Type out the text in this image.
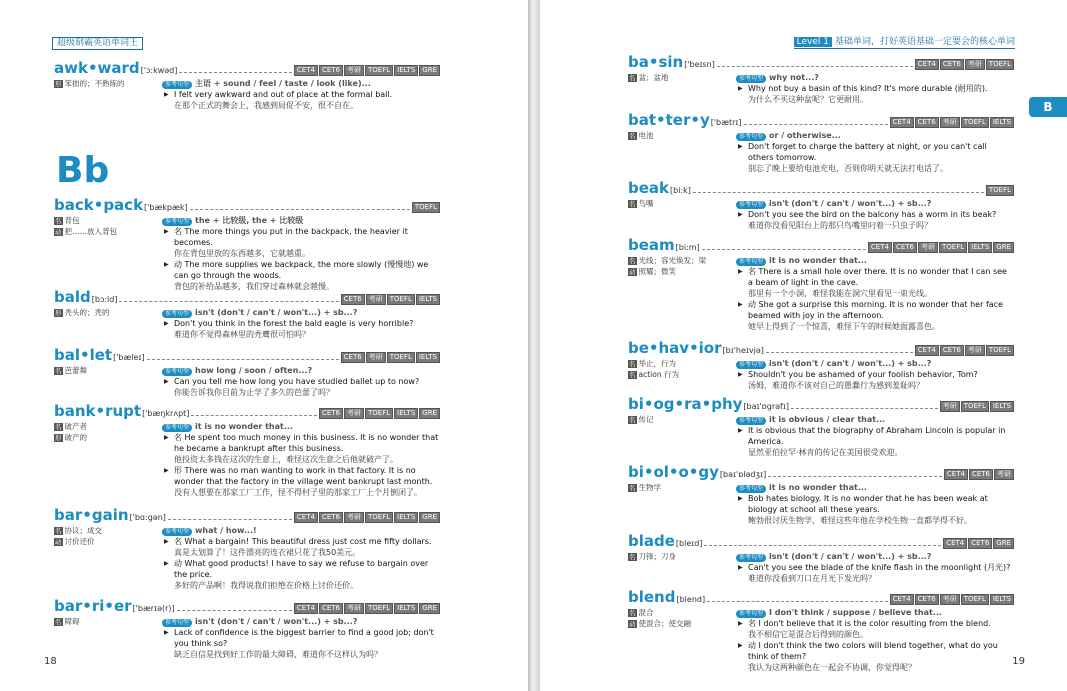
超级制霸英语单词王
Bb
awk•ward ['ɔ:kwəd]	CET4	CET6	考研	TOEFL	IELTS	GRE
形 笨拙的；不熟练的	参考句型 主语 + sound / feel / taste / look (like)...
▶ I felt very awkward and out of place at the formal ball.
在那个正式的舞会上，我感到局促不安，很不自在。
back•pack ['bækpæk]	TOEFL
名 背包
动 把……放入背包
参考句型 the + 比较级, the + 比较级
▶ 名 The more things you put in the backpack, the heavier it becomes.
你在背包里放的东西越多，它就越重。
▶ 动 The more supplies we backpack, the more slowly (慢慢地) we can go through the woods.
背包的补给品越多，我们穿过森林就会越慢。
bald [bɔ:ld]	CET6	考研	TOEFL	IELTS
形 秃头的；秃的	参考句型 isn't (don't / can't / won't...) + sb...?
▶ Don't you think in the forest the bald eagle is very horrible?
难道你不觉得森林里的秃鹰很可怕吗？
bal•let ['bæleɪ]	CET6	考研	TOEFL	IELTS
名 芭蕾舞	参考句型 how long / soon / often...?
▶ Can you tell me how long you have studied ballet up to now?
你能告诉我你目前为止学了多久的芭蕾了吗？
bank•rupt ['bæŋkrʌpt]	CET6	考研	TOEFL	IELTS	GRE
名 破产者
形 破产的
参考句型 it is no wonder that...
▶ 名 He spent too much money in this business. It is no wonder that he became a bankrupt after this business.
他投资太多钱在这次的生意上，难怪这次生意之后他就破产了。
▶ 形 There was no man wanting to work in that factory. It is no wonder that the factory in the village went bankrupt last month.
没有人想要在那家工厂工作，怪不得村子里的那家工厂上个月倒闭了。
bar•gain ['bɑ:gən]	CET4	CET6	考研	TOEFL	IELTS	GRE
名 协议；成交
动 讨价还价
参考句型 what / how...!
▶ 名 What a bargain! This beautiful dress just cost me fifty dollars.
真是太划算了！这件漂亮的连衣裙只花了我50美元。
▶ 动 What good products! I have to say we refuse to bargain over the price.
多好的产品啊！我得说我们拒绝在价格上讨价还价。
bar•ri•er ['bærɪə(r)]	CET4	CET6	考研	TOEFL	IELTS	GRE
名 障碍	参考句型 isn't (don't / can't / won't...) + sb...?
▶ Lack of confidence is the biggest barrier to find a good job; don't you think so?
缺乏自信是找到好工作的最大障碍，难道你不这样认为吗？
18
Level 1 基础单词，打好英语基础一定要会的核心单词
B
ba•sin ['beɪsn]	CET4	CET6	考研	TOEFL
名 盆；盆地	参考句型 why not...?
▶ Why not buy a basin of this kind? It's more durable (耐用的).
为什么不买这种盆呢？它更耐用。
bat•ter•y ['bætrɪ]	CET4	CET6	考研	TOEFL	IELTS
名 电池	参考句型 or / otherwise...
▶ Don't forget to charge the battery at night, or you can't call others tomorrow.
别忘了晚上要给电池充电，否则你明天就无法打电话了。
beak [bi:k]	TOEFL
名 鸟嘴	参考句型 isn't (don't / can't / won't...) + sb...?
▶ Don't you see the bird on the balcony has a worm in its beak?
难道你没看见阳台上的那只鸟嘴里叼着一只虫子吗？
beam [bi:m]	CET4	CET6	考研	TOEFL	IELTS	GRE
名 光线；容光焕发；梁
动 照耀；微笑
参考句型 it is no wonder that...
▶ 名 There is a small hole over there. It is no wonder that I can see a beam of light in the cave.
那里有一个小洞，难怪我能在洞穴里看见一束光线。
▶ 动 She got a surprise this morning. It is no wonder that her face beamed with joy in the afternoon.
她早上得到了一个惊喜，难怪下午的时候她面露喜色。
be•hav•ior [bɪ'heɪvjə]	CET4	CET6	考研	TOEFL
名 举止，行为
名 action 行为
参考句型 isn't (don't / can't / won't...) + sb...?
▶ Shouldn't you be ashamed of your foolish behavior, Tom?
汤姆，难道你不该对自己的愚蠢行为感到羞耻吗？
bi•og•ra•phy [baɪ'ɒgrəfɪ]	考研	TOEFL	IELTS
名 传记	参考句型 it is obvious / clear that...
▶ It is obvious that the biography of Abraham Lincoln is popular in America.
显然亚伯拉罕·林肯的传记在美国很受欢迎。
bi•ol•o•gy [baɪ'ɒlədʒɪ]	CET4	CET6	考研
名 生物学	参考句型 it is no wonder that...
▶ Bob hates biology. It is no wonder that he has been weak at biology at school all these years.
鲍勃很讨厌生物学，难怪这些年他在学校生物一直都学得不好。
blade [bleɪd]	CET4	CET6	GRE
名 刀锋；刀身	参考句型 isn't (don't / can't / won't...) + sb...?
▶ Can't you see the blade of the knife flash in the moonlight (月光)?
难道你没看到刀口在月光下发光吗？
blend [blend]	CET4	CET6	考研	TOEFL	IELTS
名 混合
动 使混合；使交融
参考句型 I don't think / suppose / believe that...
▶ 名 I don't believe that it is the color resulting from the blend.
我不相信它是混合后得到的颜色。
▶ 动 I don't think the two colors will blend together, what do you think of them?
我认为这两种颜色在一起会不协调，你觉得呢？
19
